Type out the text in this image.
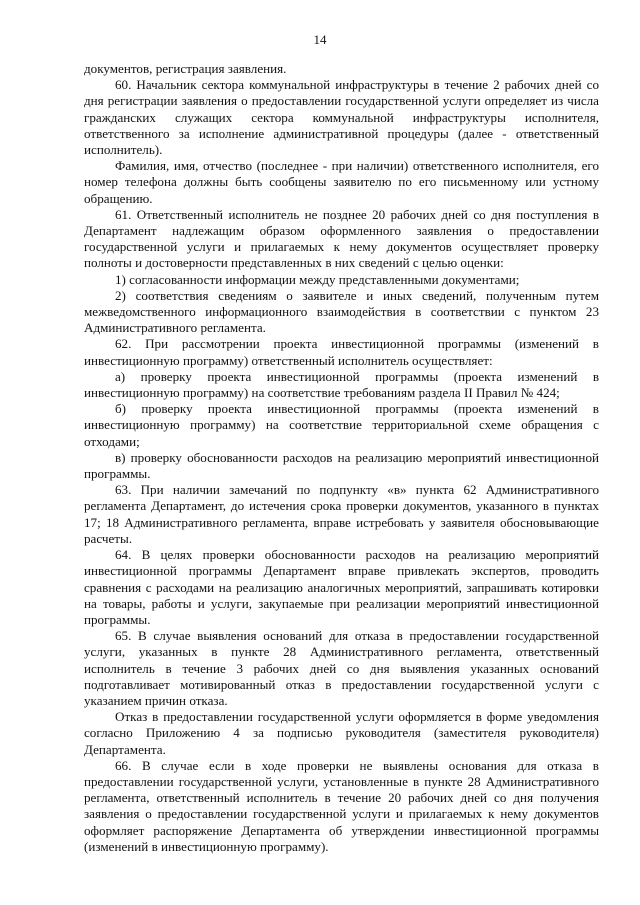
14

документов, регистрация заявления.

60. Начальник сектора коммунальной инфраструктуры в течение 2 рабочих дней со дня регистрации заявления о предоставлении государственной услуги определяет из числа гражданских служащих сектора коммунальной инфраструктуры исполнителя, ответственного за исполнение административной процедуры (далее - ответственный исполнитель).

Фамилия, имя, отчество (последнее - при наличии) ответственного исполнителя, его номер телефона должны быть сообщены заявителю по его письменному или устному обращению.

61. Ответственный исполнитель не позднее 20 рабочих дней со дня поступления в Департамент надлежащим образом оформленного заявления о предоставлении государственной услуги и прилагаемых к нему документов осуществляет проверку полноты и достоверности представленных в них сведений с целью оценки:

1) согласованности информации между представленными документами;

2) соответствия сведениям о заявителе и иных сведений, полученным путем межведомственного информационного взаимодействия в соответствии с пунктом 23 Административного регламента.

62. При рассмотрении проекта инвестиционной программы (изменений в инвестиционную программу) ответственный исполнитель осуществляет:

а) проверку проекта инвестиционной программы (проекта изменений в инвестиционную программу) на соответствие требованиям раздела II Правил № 424;

б) проверку проекта инвестиционной программы (проекта изменений в инвестиционную программу) на соответствие территориальной схеме обращения с отходами;

в) проверку обоснованности расходов на реализацию мероприятий инвестиционной программы.

63. При наличии замечаний по подпункту «в» пункта 62 Административного регламента Департамент, до истечения срока проверки документов, указанного в пунктах 17; 18 Административного регламента, вправе истребовать у заявителя обосновывающие расчеты.

64. В целях проверки обоснованности расходов на реализацию мероприятий инвестиционной программы Департамент вправе привлекать экспертов, проводить сравнения с расходами на реализацию аналогичных мероприятий, запрашивать котировки на товары, работы и услуги, закупаемые при реализации мероприятий инвестиционной программы.

65. В случае выявления оснований для отказа в предоставлении государственной услуги, указанных в пункте 28 Административного регламента, ответственный исполнитель в течение 3 рабочих дней со дня выявления указанных оснований подготавливает мотивированный отказ в предоставлении государственной услуги с указанием причин отказа.

Отказ в предоставлении государственной услуги оформляется в форме уведомления согласно Приложению 4 за подписью руководителя (заместителя руководителя) Департамента.

66. В случае если в ходе проверки не выявлены основания для отказа в предоставлении государственной услуги, установленные в пункте 28 Административного регламента, ответственный исполнитель в течение 20 рабочих дней со дня получения заявления о предоставлении государственной услуги и прилагаемых к нему документов оформляет распоряжение Департамента об утверждении инвестиционной программы (изменений в инвестиционную программу).
